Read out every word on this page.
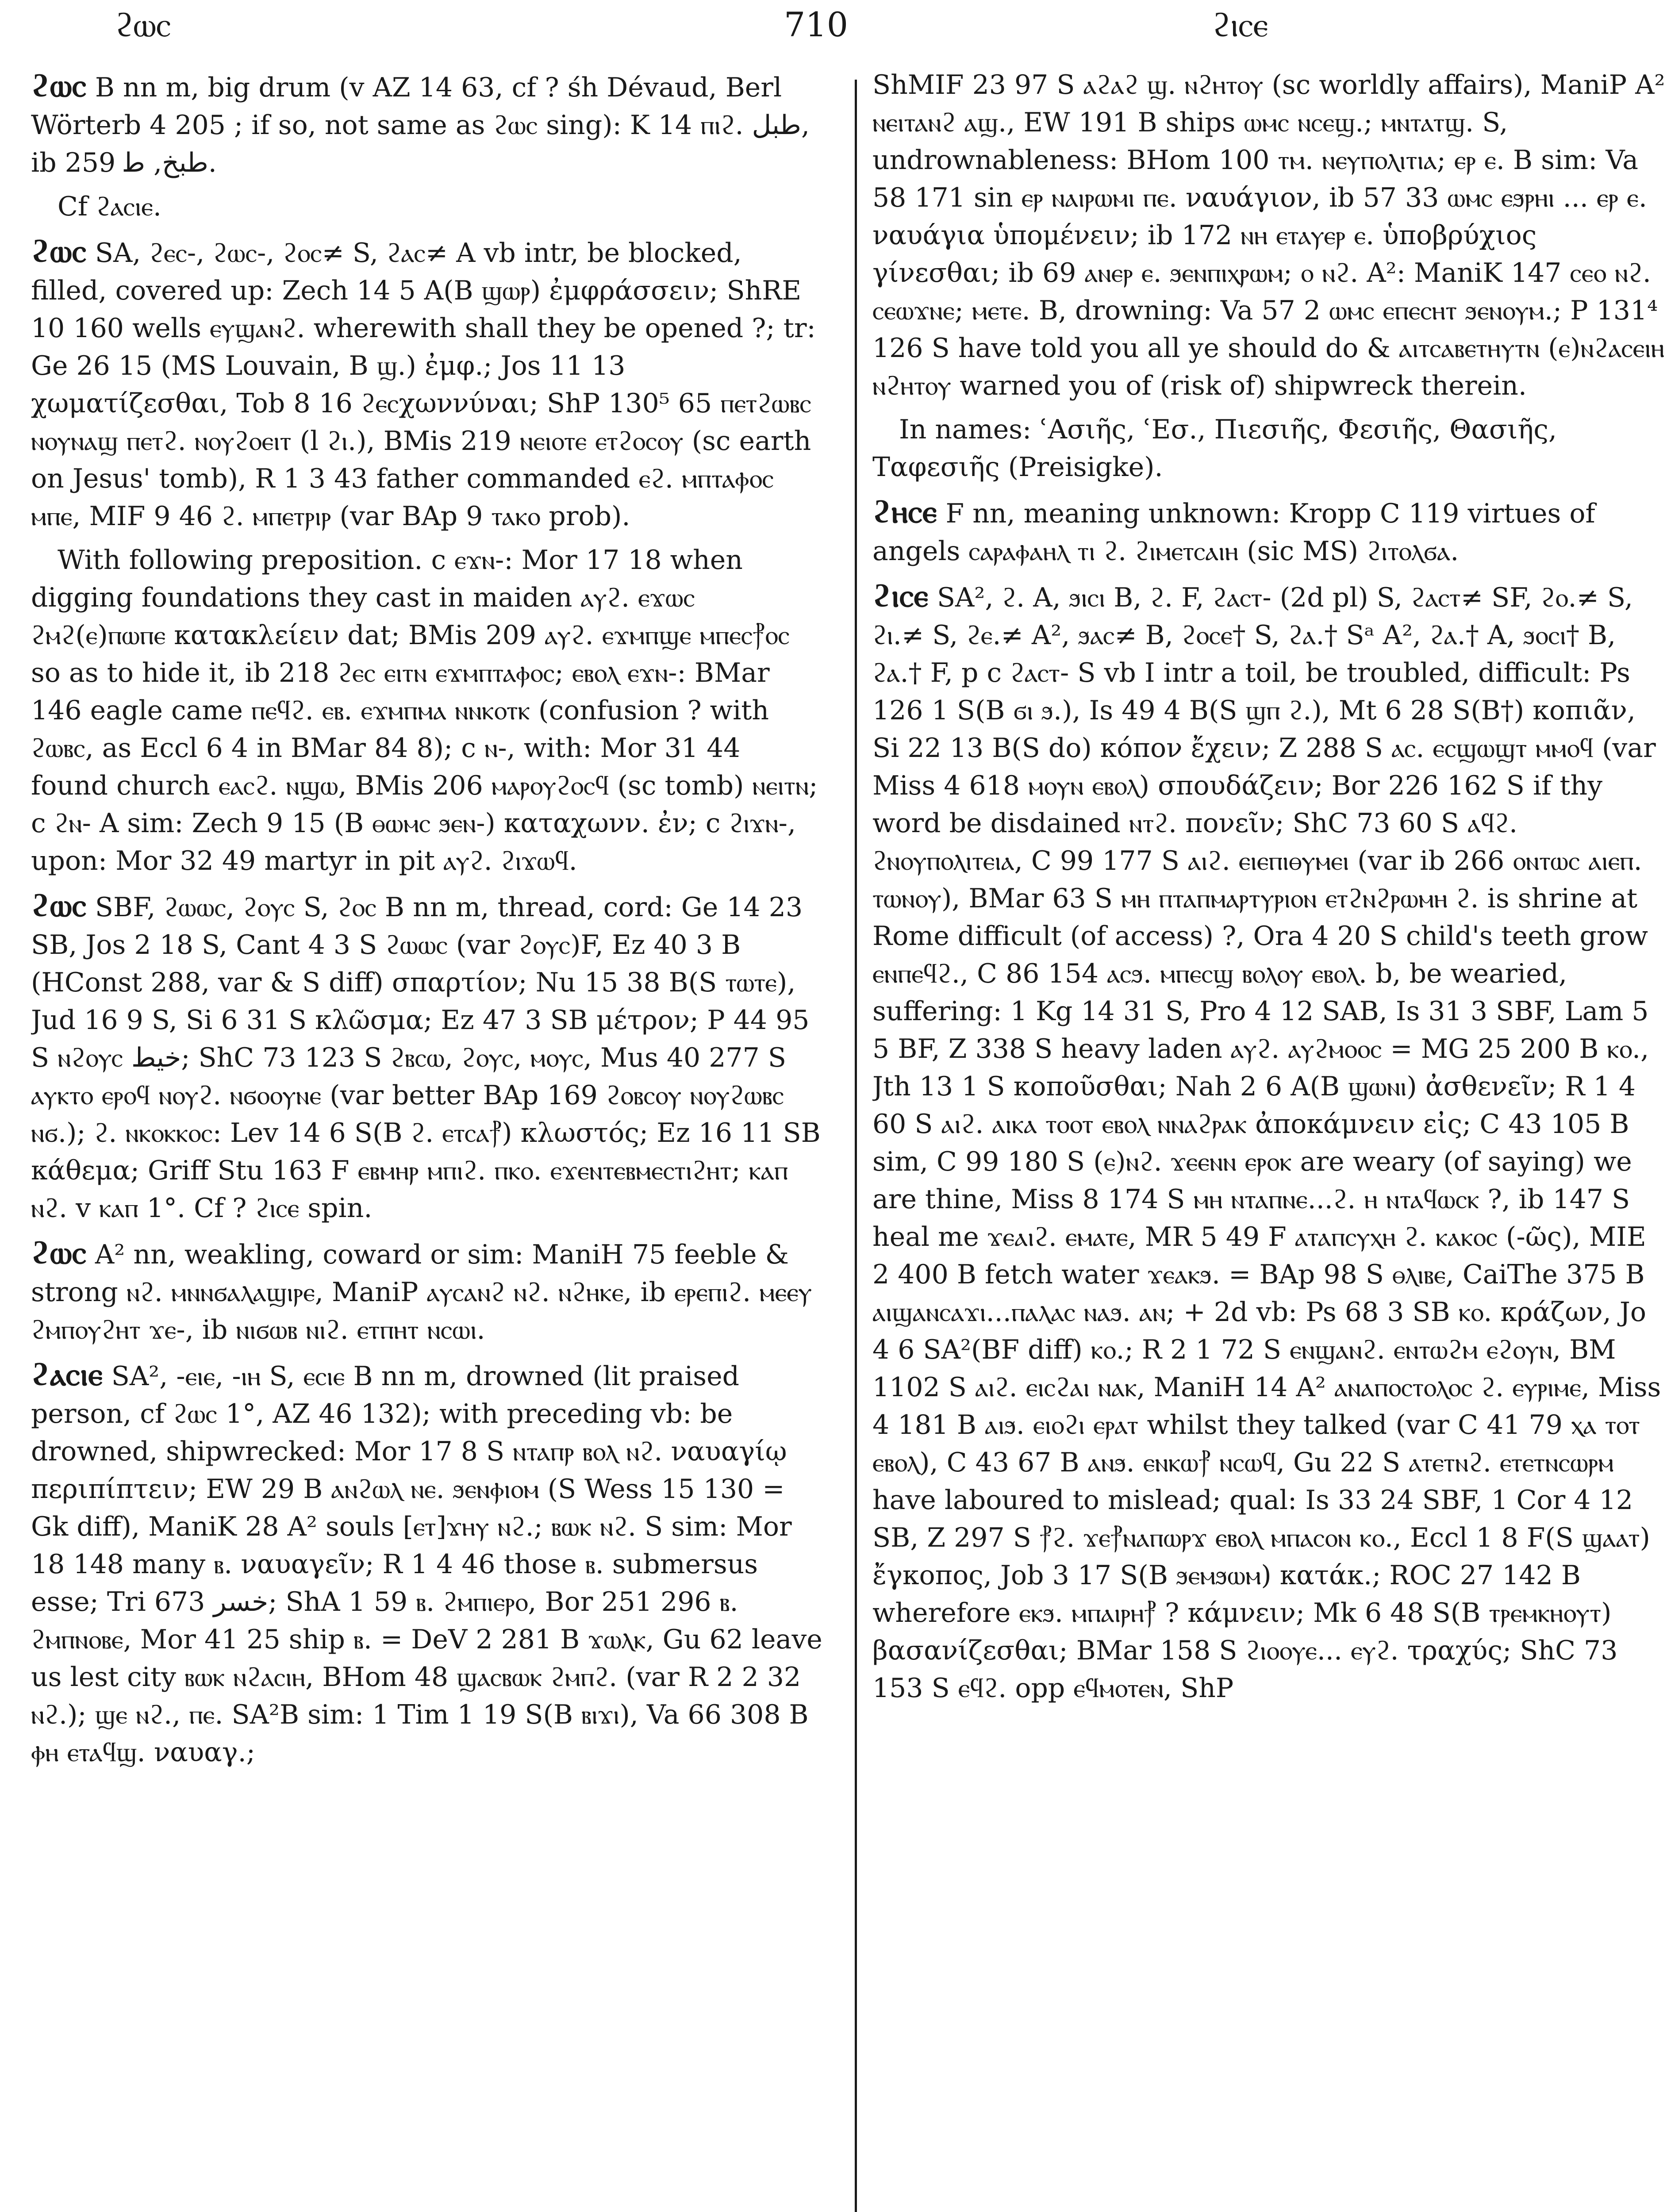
ϩⲱⲥ	710	ϩⲓⲥⲉ

ϩⲱⲥ B nn m, big drum (v AZ 14 63, cf ? śh Dévaud, Berl Wörterb 4 205 ; if so, not same as ϩⲱⲥ sing): K 14 ⲡⲓϩ. ﻃﺒﻞ, ib 259 ﻃﺒﺦ, ﻃ.

Cf ϩⲁⲥⲓⲉ.

ϩⲱⲥ SA, ϩⲉⲥ-, ϩⲱⲥ-, ϩⲟⲥ≠ S, ϩⲁⲥ≠ A vb intr, be blocked, filled, covered up: Zech 14 5 A(B ϣⲱⲣ) ἐμφράσσειν; ShRE 10 160 wells ⲉⲩϣⲁⲛϩ. wherewith shall they be opened ?; tr: Ge 26 15 (MS Louvain, B ϣ.) ἐμφ.; Jos 11 13 χωματίζεσθαι, Tob 8 16 ϩⲉⲥχωννύναι; ShP 130⁵ 65 ⲡⲉⲧϩⲱⲃⲥ ⲛⲟⲩⲛⲁϣ ⲡⲉⲧϩ. ⲛⲟⲩϩⲟⲉⲓⲧ (l ϩⲓ.), BMis 219 ⲛⲉⲓⲟⲧⲉ ⲉⲧϩⲟⲥⲟⲩ (sc earth on Jesus' tomb), R 1 3 43 father commanded ⲉϩ. ⲙⲡⲧⲁⲫⲟⲥ ⲙⲡⲉ, MIF 9 46 ϩ. ⲙⲡⲉⲧⲣⲓⲣ (var BAp 9 ⲧⲁⲕⲟ prob).

With following preposition. c ⲉϫⲛ-: Mor 17 18 when digging foundations they cast in maiden ⲁⲩϩ. ⲉϫⲱⲥ ϩⲙϩ(ⲉ)ⲡⲱⲡⲉ κατακλείειν dat; BMis 209 ⲁⲩϩ. ⲉϫⲙⲡϣⲉ ⲙⲡⲉⲥ⳨ⲟⲥ so as to hide it, ib 218 ϩⲉⲥ ⲉⲓⲧⲛ ⲉϫⲙⲡⲧⲁⲫⲟⲥ; ⲉⲃⲟⲗ ⲉϫⲛ-: BMar 146 eagle came ⲡⲉϥϩ. ⲉⲃ. ⲉϫⲙⲡⲙⲁ ⲛⲛⲕⲟⲧⲕ (confusion ? with ϩⲱⲃⲥ, as Eccl 6 4 in BMar 84 8); c ⲛ-, with: Mor 31 44 found church ⲉⲁⲥϩ. ⲛϣⲱ, BMis 206 ⲙⲁⲣⲟⲩϩⲟⲥϥ (sc tomb) ⲛⲉⲓⲧⲛ; c ϩⲛ- A sim: Zech 9 15 (B ⲑⲱⲙⲥ ϧⲉⲛ-) καταχωνν. ἐν; c ϩⲓϫⲛ-, upon: Mor 32 49 martyr in pit ⲁⲩϩ. ϩⲓϫⲱϥ.

ϩⲱⲥ SBF, ϩⲱⲱⲥ, ϩⲟⲩⲥ S, ϩⲟⲥ B nn m, thread, cord: Ge 14 23 SB, Jos 2 18 S, Cant 4 3 S ϩⲱⲱⲥ (var ϩⲟⲩⲥ)F, Ez 40 3 B (HConst 288, var & S diff) σπαρτίον; Nu 15 38 B(S ⲧⲱⲧⲉ), Jud 16 9 S, Si 6 31 S κλῶσμα; Ez 47 3 SB μέτρον; P 44 95 S ⲛϩⲟⲩⲥ ﺧﻴﻂ; ShC 73 123 S ϩⲃⲥⲱ, ϩⲟⲩⲥ, ⲙⲟⲩⲥ, Mus 40 277 S ⲁⲩⲕⲧⲟ ⲉⲣⲟϥ ⲛⲟⲩϩ. ⲛϭⲟⲟⲩⲛⲉ (var better BAp 169 ϩⲟⲃⲥⲟⲩ ⲛⲟⲩϩⲱⲃⲥ ⲛϭ.); ϩ. ⲛⲕⲟⲕⲕⲟⲥ: Lev 14 6 S(B ϩ. ⲉⲧⲥⲁ⳨) κλωστός; Ez 16 11 SB κάθεμα; Griff Stu 163 F ⲉⲃⲙⲏⲣ ⲙⲡⲓϩ. ⲡⲕⲟ. ⲉϫⲉⲛⲧⲉⲃⲙⲉⲥⲧⲓϩⲏⲧ; ⲕⲁⲡ ⲛϩ. v ⲕⲁⲡ 1°. Cf ? ϩⲓⲥⲉ spin.

ϩⲱⲥ A² nn, weakling, coward or sim: ManiH 75 feeble & strong ⲛϩ. ⲙⲛⲛϭⲁⲗⲁϣⲓⲣⲉ, ManiP ⲁⲩⲥⲁⲛϩ ⲛϩ. ⲛϩⲏⲕⲉ, ib ⲉⲣⲉⲡⲓϩ. ⲙⲉⲉⲩ ϩⲙⲡⲟⲩϩⲏⲧ ϫⲉ-, ib ⲛⲓϭⲱⲃ ⲛⲓϩ. ⲉⲧⲡⲏⲧ ⲛⲥⲱⲓ.

ϩⲁⲥⲓⲉ SA², -ⲉⲓⲉ, -ⲓⲏ S, ⲉⲥⲓⲉ B nn m, drowned (lit praised person, cf ϩⲱⲥ 1°, AZ 46 132); with preceding vb: be drowned, shipwrecked: Mor 17 8 S ⲛⲧⲁⲡⲣ ⲃⲟⲗ ⲛϩ. ναυαγίῳ περιπίπτειν; EW 29 B ⲁⲛϩⲱⲗ ⲛⲉ. ϧⲉⲛⲫⲓⲟⲙ (S Wess 15 130 = Gk diff), ManiK 28 A² souls [ⲉⲧ]ϫⲏⲩ ⲛϩ.; ⲃⲱⲕ ⲛϩ. S sim: Mor 18 148 many ⲃ. ναυαγεῖν; R 1 4 46 those ⲃ. submersus esse; Tri 673 ﺧﺴﺮ; ShA 1 59 ⲃ. ϩⲙⲡⲓⲉⲣⲟ, Bor 251 296 ⲃ. ϩⲙⲡⲛⲟⲃⲉ, Mor 41 25 ship ⲃ. = DeV 2 281 B ϫⲱⲗⲕ, Gu 62 leave us lest city ⲃⲱⲕ ⲛϩⲁⲥⲓⲏ, BHom 48 ϣⲁⲥⲃⲱⲕ ϩⲙⲡϩ. (var R 2 2 32 ⲛϩ.); ϣⲉ ⲛϩ., ⲡⲉ. SA²B sim: 1 Tim 1 19 S(B ⲃⲓϫⲓ), Va 66 308 B ⲫⲏ ⲉⲧⲁϥϣ. ναυαγ.;

ShMIF 23 97 S ⲁϩⲁϩ ϣ. ⲛϩⲏⲧⲟⲩ (sc worldly affairs), ManiP A² ⲛⲉⲓⲧⲁⲛϩ ⲁϣ., EW 191 B ships ⲱⲙⲥ ⲛⲥⲉϣ.; ⲙⲛⲧⲁⲧϣ. S, undrownableness: BHom 100 ⲧⲙ. ⲛⲉⲩⲡⲟⲗⲓⲧⲓⲁ; ⲉⲣ ⲉ. B sim: Va 58 171 sin ⲉⲣ ⲛⲁⲓⲣⲱⲙⲓ ⲡⲉ. ναυάγιον, ib 57 33 ⲱⲙⲥ ⲉϧⲣⲏⲓ ... ⲉⲣ ⲉ. ναυάγια ὑπομένειν; ib 172 ⲛⲏ ⲉⲧⲁⲩⲉⲣ ⲉ. ὑποβρύχιος γίνεσθαι; ib 69 ⲁⲛⲉⲣ ⲉ. ϧⲉⲛⲡⲓⲭⲣⲱⲙ; ⲟ ⲛϩ. A²: ManiK 147 ⲥⲉⲟ ⲛϩ. ⲥⲉⲱϫⲛⲉ; ⲙⲉⲧⲉ. B, drowning: Va 57 2 ⲱⲙⲥ ⲉⲡⲉⲥⲏⲧ ϧⲉⲛⲟⲩⲙ.; P 131⁴ 126 S have told you all ye should do & ⲁⲓⲧⲥⲁⲃⲉⲧⲏⲩⲧⲛ (ⲉ)ⲛϩⲁⲥⲉⲓⲏ ⲛϩⲏⲧⲟⲩ warned you of (risk of) shipwreck therein.

In names: ʿΑσιῆς, ʿΕσ., Πιεσιῆς, Φεσιῆς, Θασιῆς, Ταφεσιῆς (Preisigke).

ϩⲏⲥⲉ F nn, meaning unknown: Kropp C 119 virtues of angels ⲥⲁⲣⲁⲫⲁⲏⲗ ⲧⲓ ϩ. ϩⲓⲙⲉⲧⲥⲁⲓⲏ (sic MS) ϩⲓⲧⲟⲗϭⲁ.

ϩⲓⲥⲉ SA², ϩ. A, ϧⲓⲥⲓ B, ϩ. F, ϩⲁⲥⲧ- (2d pl) S, ϩⲁⲥⲧ≠ SF, ϩⲟ.≠ S, ϩⲓ.≠ S, ϩⲉ.≠ A², ϧⲁⲥ≠ B, ϩⲟⲥⲉ† S, ϩⲁ.† Sᵃ A², ϩⲁ.† A, ϧⲟⲥⲓ† B, ϩⲁ.† F, p c ϩⲁⲥⲧ- S vb I intr a toil, be troubled, difficult: Ps 126 1 S(B ϭⲓ ϧ.), Is 49 4 B(S ϣⲡ ϩ.), Mt 6 28 S(B†) κοπιᾶν, Si 22 13 B(S do) κόπον ἔχειν; Z 288 S ⲁⲥ. ⲉⲥϣⲱϣⲧ ⲙⲙⲟϥ (var Miss 4 618 ⲙⲟⲩⲛ ⲉⲃⲟⲗ) σπουδάζειν; Bor 226 162 S if thy word be disdained ⲛⲧϩ. πονεῖν; ShC 73 60 S ⲁϥϩ. ϩⲛⲟⲩⲡⲟⲗⲓⲧⲉⲓⲁ, C 99 177 S ⲁⲓϩ. ⲉⲓⲉⲡⲓⲑⲩⲙⲉⲓ (var ib 266 ⲟⲛⲧⲱⲥ ⲁⲓⲉⲡ. ⲧⲱⲛⲟⲩ), BMar 63 S ⲙⲏ ⲡⲧⲁⲡⲙⲁⲣⲧⲩⲣⲓⲟⲛ ⲉⲧϩⲛϩⲣⲱⲙⲏ ϩ. is shrine at Rome difficult (of access) ?, Ora 4 20 S child's teeth grow ⲉⲛⲡⲉϥϩ., C 86 154 ⲁⲥϧ. ⲙⲡⲉⲥϣ ⲃⲟⲗⲟⲩ ⲉⲃⲟⲗ. b, be wearied, suffering: 1 Kg 14 31 S, Pro 4 12 SAB, Is 31 3 SBF, Lam 5 5 BF, Z 338 S heavy laden ⲁⲩϩ. ⲁⲩϩⲙⲟⲟⲥ = MG 25 200 B ⲕⲟ., Jth 13 1 S κοποῦσθαι; Nah 2 6 A(B ϣⲱⲛⲓ) ἀσθενεῖν; R 1 4 60 S ⲁⲓϩ. ⲁⲓⲕⲁ ⲧⲟⲟⲧ ⲉⲃⲟⲗ ⲛⲛⲁϩⲣⲁⲕ ἀποκάμνειν εἰς; C 43 105 B sim, C 99 180 S (ⲉ)ⲛϩ. ϫⲉⲉⲛⲛ ⲉⲣⲟⲕ are weary (of saying) we are thine, Miss 8 174 S ⲙⲏ ⲛⲧⲁⲡⲛⲉ...ϩ. ⲏ ⲛⲧⲁϥⲱⲥⲕ ?, ib 147 S heal me ϫⲉⲁⲓϩ. ⲉⲙⲁⲧⲉ, MR 5 49 F ⲁⲧⲁⲡⲥⲩⲭⲏ ϩ. ⲕⲁⲕⲟⲥ (-ῶς), MIE 2 400 B fetch water ϫⲉⲁⲕϧ. = BAp 98 S ⲑⲗⲓⲃⲉ, CaiThe 375 B ⲁⲓϣⲁⲛⲥⲁϫⲓ...ⲡⲁⲗⲁⲥ ⲛⲁϧ. ⲁⲛ; + 2d vb: Ps 68 3 SB ⲕⲟ. κράζων, Jo 4 6 SA²(BF diff) ⲕⲟ.; R 2 1 72 S ⲉⲛϣⲁⲛϩ. ⲉⲛⲧⲱϩⲙ ⲉϩⲟⲩⲛ, BM 1102 S ⲁⲓϩ. ⲉⲓⲥϩⲁⲓ ⲛⲁⲕ, ManiH 14 A² ⲁⲛⲁⲡⲟⲥⲧⲟⲗⲟⲥ ϩ. ⲉⲩⲣⲓⲙⲉ, Miss 4 181 B ⲁⲓϧ. ⲉⲓⲟϩⲓ ⲉⲣⲁⲧ whilst they talked (var C 41 79 ⲭⲁ ⲧⲟⲧ ⲉⲃⲟⲗ), C 43 67 B ⲁⲛϧ. ⲉⲛⲕⲱ⳨ ⲛⲥⲱϥ, Gu 22 S ⲁⲧⲉⲧⲛϩ. ⲉⲧⲉⲧⲛⲥⲱⲣⲙ have laboured to mislead; qual: Is 33 24 SBF, 1 Cor 4 12 SB, Z 297 S ⳨ϩ. ϫⲉ⳨ⲛⲁⲡⲱⲣϫ ⲉⲃⲟⲗ ⲙⲡⲁⲥⲟⲛ ⲕⲟ., Eccl 1 8 F(S ϣⲁⲁⲧ) ἔγκοπος, Job 3 17 S(B ϧⲉⲙϧⲱⲙ) κατάκ.; ROC 27 142 B wherefore ⲉⲕϧ. ⲙⲡⲁⲓⲣⲏ⳨ ? κάμνειν; Mk 6 48 S(B ⲧⲣⲉⲙⲕⲏⲟⲩⲧ) βασανίζεσθαι; BMar 158 S ϩⲓⲟⲟⲩⲉ... ⲉⲩϩ. τραχύς; ShC 73 153 S ⲉϥϩ. opp ⲉϥⲙⲟⲧⲉⲛ, ShP
